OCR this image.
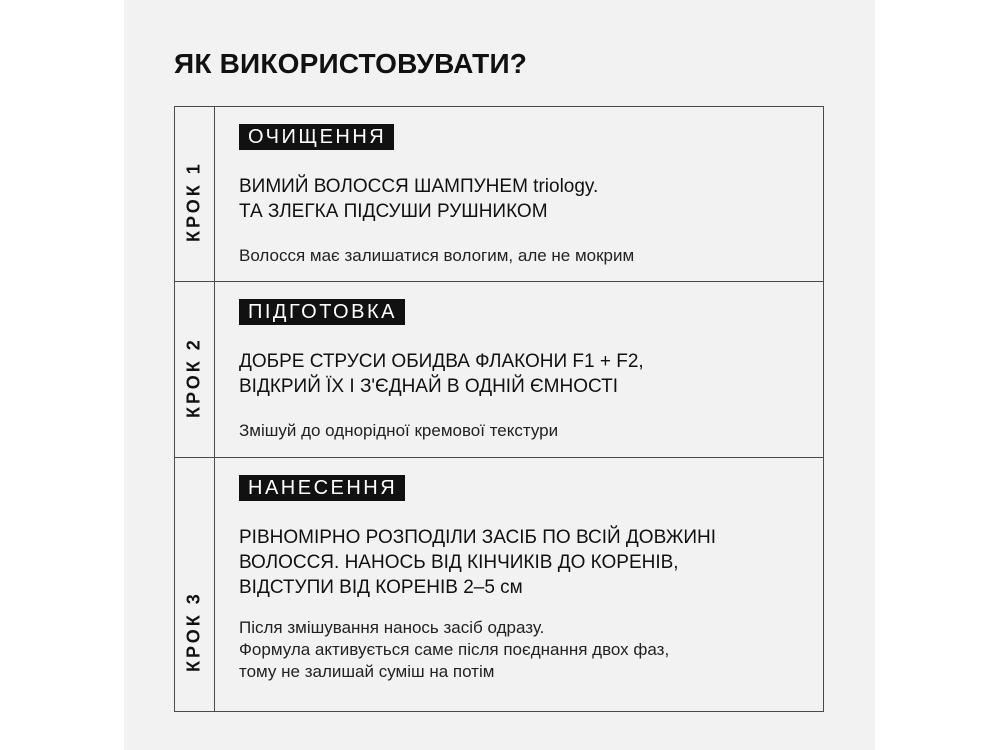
ЯК ВИКОРИСТОВУВАТИ?
КРОК 1
ОЧИЩЕННЯ

ВИМИЙ ВОЛОССЯ ШАМПУНЕМ triology.
ТА ЗЛЕГКА ПІДСУШИ РУШНИКОМ

Волосся має залишатися вологим, але не мокрим

КРОК 2
ПІДГОТОВКА

ДОБРЕ СТРУСИ ОБИДВА ФЛАКОНИ F1 + F2,
ВІДКРИЙ ЇХ І З'ЄДНАЙ В ОДНІЙ ЄМНОСТІ

Змішуй до однорідної кремової текстури

КРОК 3
НАНЕСЕННЯ

РІВНОМІРНО РОЗПОДІЛИ ЗАСІБ ПО ВСІЙ ДОВЖИНІ
ВОЛОССЯ. НАНОСЬ ВІД КІНЧИКІВ ДО КОРЕНІВ,
ВІДСТУПИ ВІД КОРЕНІВ 2–5 см

Після змішування нанось засіб одразу.
Формула активується саме після поєднання двох фаз,
тому не залишай суміш на потім
